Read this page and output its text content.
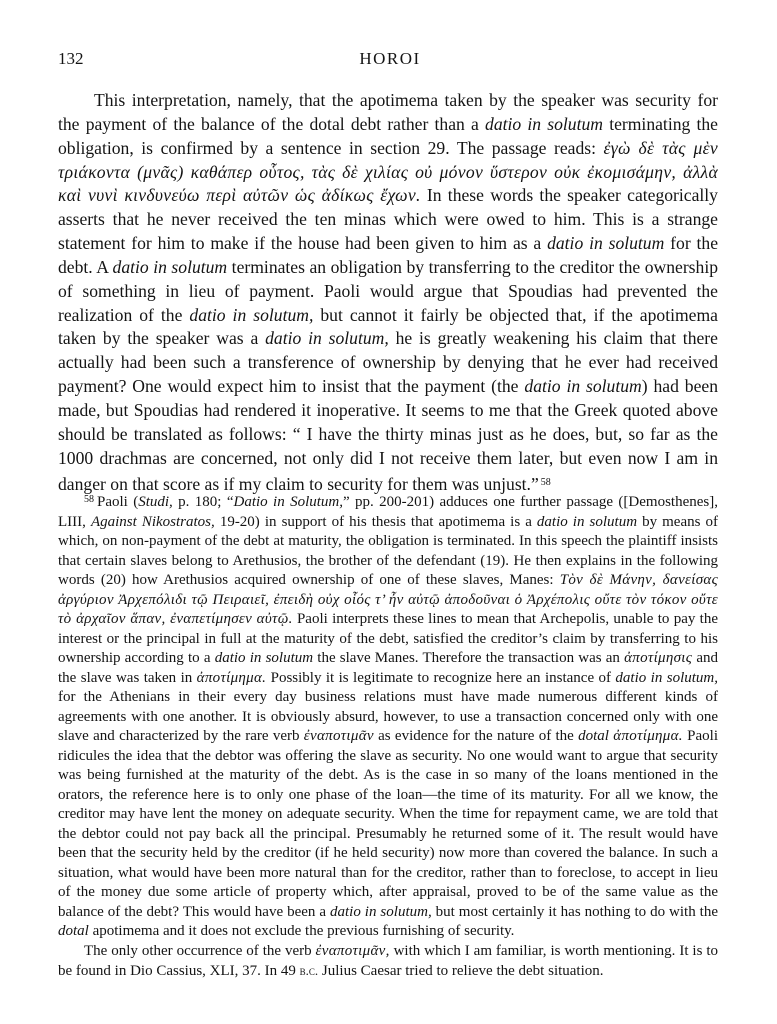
132	HOROI

This interpretation, namely, that the apotimema taken by the speaker was security for the payment of the balance of the dotal debt rather than a datio in solutum terminating the obligation, is confirmed by a sentence in section 29. The passage reads: ἐγὼ δὲ τὰς μὲν τριάκοντα (μνᾶς) καθάπερ οὗτος, τὰς δὲ χιλίας οὐ μόνον ὕστερον οὐκ ἐκομισάμην, ἀλλὰ καὶ νυνὶ κινδυνεύω περὶ αὐτῶν ὡς ἀδίκως ἔχων. In these words the speaker categorically asserts that he never received the ten minas which were owed to him. This is a strange statement for him to make if the house had been given to him as a datio in solutum for the debt. A datio in solutum terminates an obligation by transferring to the creditor the ownership of something in lieu of payment. Paoli would argue that Spoudias had prevented the realization of the datio in solutum, but cannot it fairly be objected that, if the apotimema taken by the speaker was a datio in solutum, he is greatly weakening his claim that there actually had been such a transference of ownership by denying that he ever had received payment? One would expect him to insist that the payment (the datio in solutum) had been made, but Spoudias had rendered it inoperative. It seems to me that the Greek quoted above should be translated as follows: “ I have the thirty minas just as he does, but, so far as the 1000 drachmas are concerned, not only did I not receive them later, but even now I am in danger on that score as if my claim to security for them was unjust.” $^{58}$

$^{58}$ Paoli (Studi, p. 180; “Datio in Solutum,” pp. 200-201) adduces one further passage ([Demosthenes], LIII, Against Nikostratos, 19-20) in support of his thesis that apotimema is a datio in solutum by means of which, on non-payment of the debt at maturity, the obligation is terminated. In this speech the plaintiff insists that certain slaves belong to Arethusios, the brother of the defendant (19). He then explains in the following words (20) how Arethusios acquired ownership of one of these slaves, Manes: Τὸν δὲ Μάνην, δανείσας ἀργύριον Ἀρχεπόλιδι τῷ Πειραιεῖ, ἐπειδὴ οὐχ οἷός τ’ ἦν αὐτῷ ἀποδοῦναι ὁ Ἀρχέπολις οὔτε τὸν τόκον οὔτε τὸ ἀρχαῖον ἅπαν, ἐναπετίμησεν αὐτῷ. Paoli interprets these lines to mean that Archepolis, unable to pay the interest or the principal in full at the maturity of the debt, satisfied the creditor’s claim by transferring to his ownership according to a datio in solutum the slave Manes. Therefore the transaction was an ἀποτίμησις and the slave was taken in ἀποτίμημα. Possibly it is legitimate to recognize here an instance of datio in solutum, for the Athenians in their every day business relations must have made numerous different kinds of agreements with one another. It is obviously absurd, however, to use a transaction concerned only with one slave and characterized by the rare verb ἐναποτιμᾶν as evidence for the nature of the dotal ἀποτίμημα. Paoli ridicules the idea that the debtor was offering the slave as security. No one would want to argue that security was being furnished at the maturity of the debt. As is the case in so many of the loans mentioned in the orators, the reference here is to only one phase of the loan—the time of its maturity. For all we know, the creditor may have lent the money on adequate security. When the time for repayment came, we are told that the debtor could not pay back all the principal. Presumably he returned some of it. The result would have been that the security held by the creditor (if he held security) now more than covered the balance. In such a situation, what would have been more natural than for the creditor, rather than to foreclose, to accept in lieu of the money due some article of property which, after appraisal, proved to be of the same value as the balance of the debt? This would have been a datio in solutum, but most certainly it has nothing to do with the dotal apotimema and it does not exclude the previous furnishing of security.

The only other occurrence of the verb ἐναποτιμᾶν, with which I am familiar, is worth mentioning. It is to be found in Dio Cassius, XLI, 37. In 49 b.c. Julius Caesar tried to relieve the debt situation.
